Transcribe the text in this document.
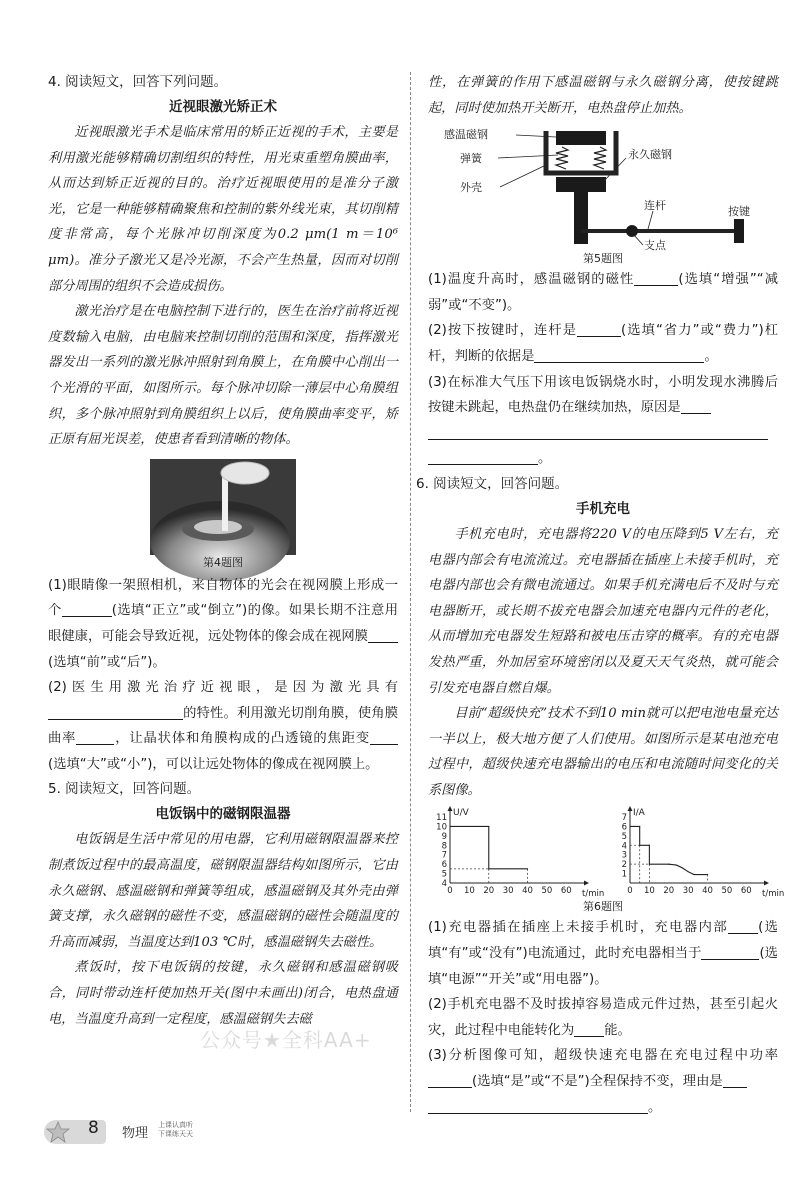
4. 阅读短文，回答下列问题。
近视眼激光矫正术

近视眼激光手术是临床常用的矫正近视的手术，主要是利用激光能够精确切割组织的特性，用光束重塑角膜曲率，从而达到矫正近视的目的。治疗近视眼使用的是准分子激光，它是一种能够精确聚焦和控制的紫外线光束，其切削精度非常高，每个光脉冲切削深度为0.2 μm(1 m＝10⁶ μm)。准分子激光又是冷光源，不会产生热量，因而对切削部分周围的组织不会造成损伤。

激光治疗是在电脑控制下进行的，医生在治疗前将近视度数输入电脑，由电脑来控制切削的范围和深度，指挥激光器发出一系列的激光脉冲照射到角膜上，在角膜中心削出一个光滑的平面，如图所示。每个脉冲切除一薄层中心角膜组织，多个脉冲照射到角膜组织上以后，使角膜曲率变平，矫正原有屈光误差，使患者看到清晰的物体。

第4题图
(1)眼睛像一架照相机，来自物体的光会在视网膜上形成一个	(选填“正立”或“倒立”)的像。如果长期不注意用眼健康，可能会导致近视，远处物体的像会成在视网膜(选填“前”或“后”)。
(2)医生用激光治疗近视眼，是因为激光具有的特性。利用激光切削角膜，使角膜曲率	，让晶状体和角膜构成的凸透镜的焦距变(选填“大”或“小”)，可以让远处物体的像成在视网膜上。
5. 阅读短文，回答问题。
电饭锅中的磁钢限温器

电饭锅是生活中常见的用电器，它利用磁钢限温器来控制煮饭过程中的最高温度，磁钢限温器结构如图所示，它由永久磁钢、感温磁钢和弹簧等组成，感温磁钢及其外壳由弹簧支撑，永久磁钢的磁性不变，感温磁钢的磁性会随温度的升高而减弱，当温度达到103 ℃时，感温磁钢失去磁性。

煮饭时，按下电饭锅的按键，永久磁钢和感温磁钢吸合，同时带动连杆使加热开关(图中未画出)闭合，电热盘通电，当温度升高到一定程度，感温磁钢失去磁

性，在弹簧的作用下感温磁钢与永久磁钢分离，使按键跳起，同时使加热开关断开，电热盘停止加热。

感温磁钢
弹簧
外壳
永久磁钢
连杆	按键
支点
第5题图
(1)温度升高时，感温磁钢的磁性	(选填“增强”“减弱”或“不变”)。
(2)按下按键时，连杆是	(选填“省力”或“费力”)杠杆，判断的依据是	。
(3)在标准大气压下用该电饭锅烧水时，小明发现水沸腾后按键未跳起，电热盘仍在继续加热，原因是

。
6. 阅读短文，回答问题。
手机充电

手机充电时，充电器将220 V的电压降到5 V左右，充电器内部会有电流流过。充电器插在插座上未接手机时，充电器内部也会有微电流通过。如果手机充满电后不及时与充电器断开，或长期不拔充电器会加速充电器内元件的老化，从而增加充电器发生短路和被电压击穿的概率。有的充电器发热严重，外加居室环境密闭以及夏天天气炎热，就可能会引发充电器自燃自爆。

目前“超级快充”技术不到10 min就可以把电池电量充达一半以上，极大地方便了人们使用。如图所示是某电池充电过程中，超级快速充电器输出的电压和电流随时间变化的关系图像。

U/V
t/min
0 10 20 30 40 50 60
4
5
6
7
8
9
10
11	I/A
t/min
0 10 20 30 40 50 60
1
2
3
4
5
6
7
第6题图
(1)充电器插在插座上未接手机时，充电器内部 (选填“有”或“没有”)电流通过，此时充电器相当于	(选填“电源”“开关”或“用电器”)。
(2)手机充电器不及时拔掉容易造成元件过热，甚至引起火灾，此过程中电能转化为 能。
(3)分析图像可知，超级快速充电器在充电过程中功率(选填“是”或“不是”)全程保持不变，理由是
。
公众号★全科AA+
8 物理
上课认真听
下课练天天
